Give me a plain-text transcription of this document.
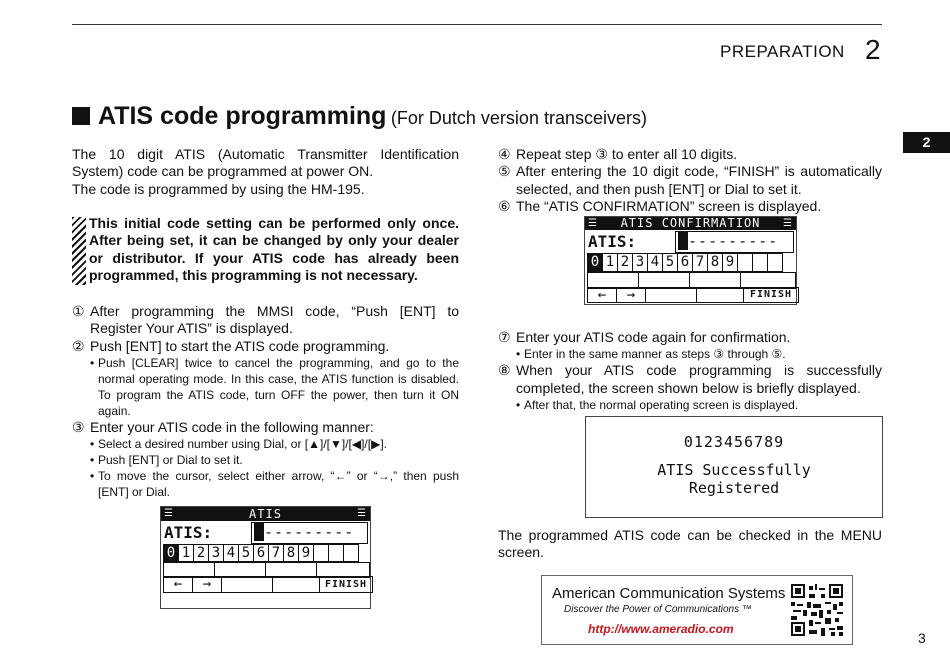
PREPARATION 2
2
ATIS code programming (For Dutch version transceivers)

The 10 digit ATIS (Automatic Transmitter Identification System) code can be programmed at power ON.

The code is programmed by using the HM-195.

This initial code setting can be performed only once. After being set, it can be changed by only your dealer or distributor. If your ATIS code has already been programmed, this programming is not necessary.
① After programming the MMSI code, “Push [ENT] to Register Your ATIS” is displayed.
② Push [ENT] to start the ATIS code programming.
• Push [CLEAR] twice to cancel the programming, and go to the normal operating mode. In this case, the ATIS function is disabled. To program the ATIS code, turn OFF the power, then turn it ON again.
③ Enter your ATIS code in the following manner:
• Select a desired number using Dial, or [▲]/[▼]/[◀]/[▶].
• Push [ENT] or Dial to set it.
• To move the cursor, select either arrow, “←” or “→,” then push [ENT] or Dial.
☰	ATIS	☰
ATIS:	---------
0 1 2 3 4 5 6 7 8 9
←	→	FINISH
④ Repeat step ③ to enter all 10 digits.
⑤ After entering the 10 digit code, “FINISH” is automatically selected, and then push [ENT] or Dial to set it.
⑥ The “ATIS CONFIRMATION” screen is displayed.
☰ ATIS CONFIRMATION ☰
ATIS:	---------
0 1 2 3 4 5 6 7 8 9
←	→	FINISH
⑦ Enter your ATIS code again for confirmation.
• Enter in the same manner as steps ③ through ⑤.
⑧ When your ATIS code programming is successfully completed, the screen shown below is briefly displayed.
• After that, the normal operating screen is displayed.
0123456789
ATIS Successfully
Registered
The programmed ATIS code can be checked in the MENU screen.
American Communication Systems
Discover the Power of Communications ™
http://www.ameradio.com
3
